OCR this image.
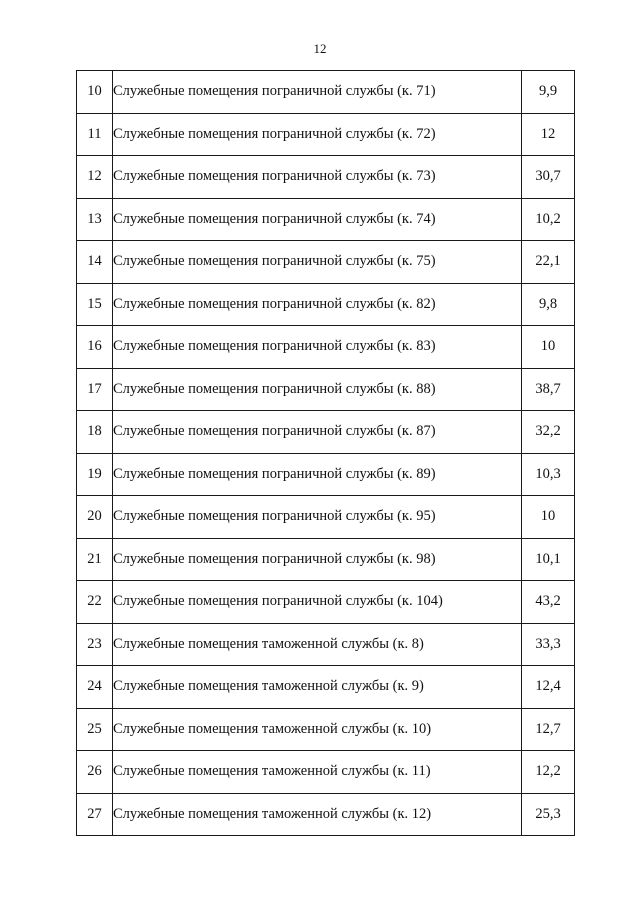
12
10	Служебные помещения пограничной службы (к. 71)	9,9
11	Служебные помещения пограничной службы (к. 72)	12
12	Служебные помещения пограничной службы (к. 73)	30,7
13	Служебные помещения пограничной службы (к. 74)	10,2
14	Служебные помещения пограничной службы (к. 75)	22,1
15	Служебные помещения пограничной службы (к. 82)	9,8
16	Служебные помещения пограничной службы (к. 83)	10
17	Служебные помещения пограничной службы (к. 88)	38,7
18	Служебные помещения пограничной службы (к. 87)	32,2
19	Служебные помещения пограничной службы (к. 89)	10,3
20	Служебные помещения пограничной службы (к. 95)	10
21	Служебные помещения пограничной службы (к. 98)	10,1
22	Служебные помещения пограничной службы (к. 104)	43,2
23	Служебные помещения таможенной службы (к. 8)	33,3
24	Служебные помещения таможенной службы (к. 9)	12,4
25	Служебные помещения таможенной службы (к. 10)	12,7
26	Служебные помещения таможенной службы (к. 11)	12,2
27	Служебные помещения таможенной службы (к. 12)	25,3
